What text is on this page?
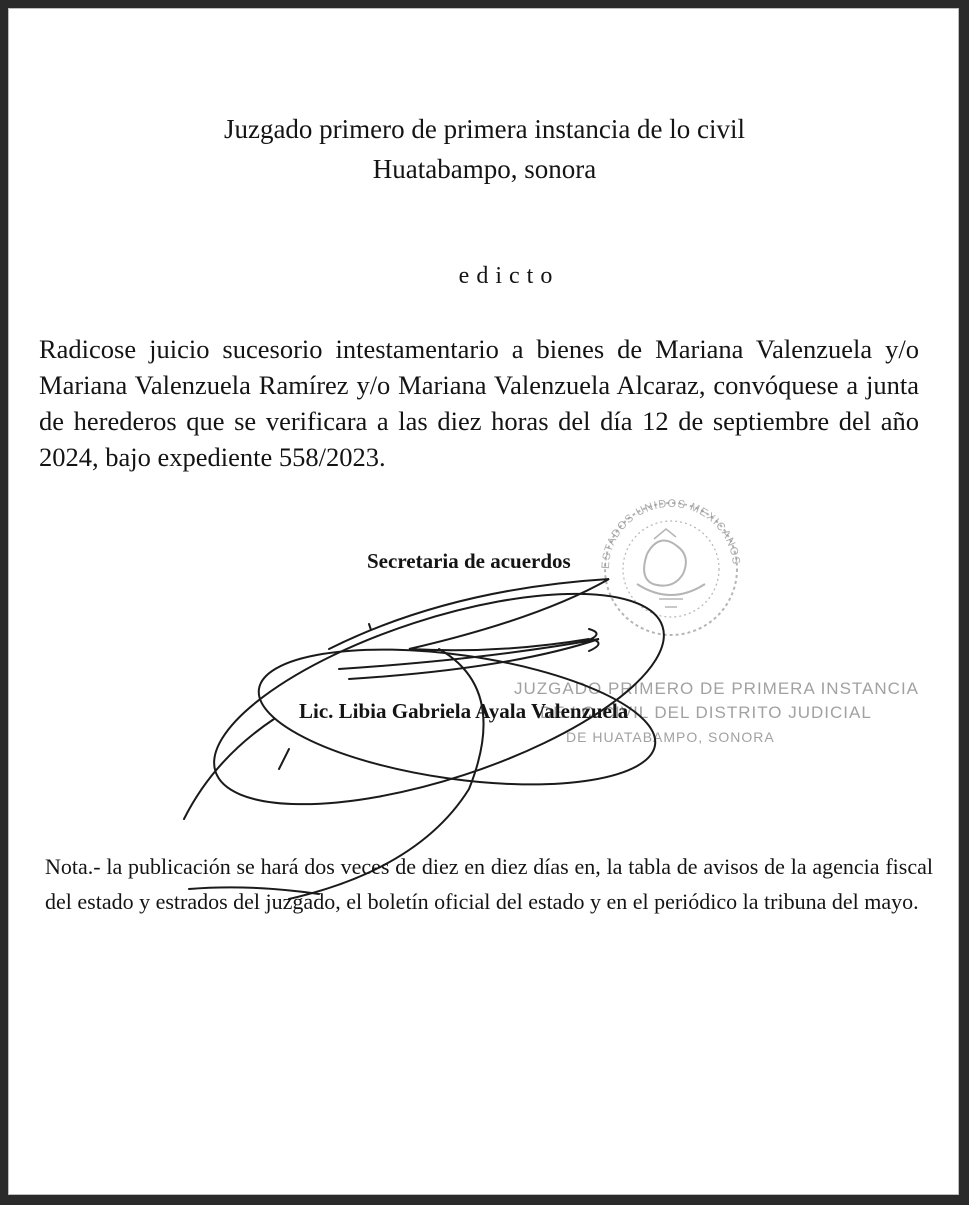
Juzgado primero de primera instancia de lo civil
Huatabampo, sonora
edicto
Radicose juicio sucesorio intestamentario a bienes de Mariana Valenzuela y/o Mariana Valenzuela Ramírez y/o Mariana Valenzuela Alcaraz, convóquese a junta de herederos que se verificara a las diez horas del día 12 de septiembre del año 2024, bajo expediente 558/2023.
ESTADOS UNIDOS MEXICANOS
JUZGADO PRIMERO DE PRIMERA INSTANCIA
DE LO CIVIL DEL DISTRITO JUDICIAL
DE HUATABAMPO, SONORA
Secretaria de acuerdos
Lic. Libia Gabriela Ayala Valenzuela
Nota.- la publicación se hará dos veces de diez en diez días en, la tabla de avisos de la agencia fiscal del estado y estrados del juzgado, el boletín oficial del estado y en el periódico la tribuna del mayo.
